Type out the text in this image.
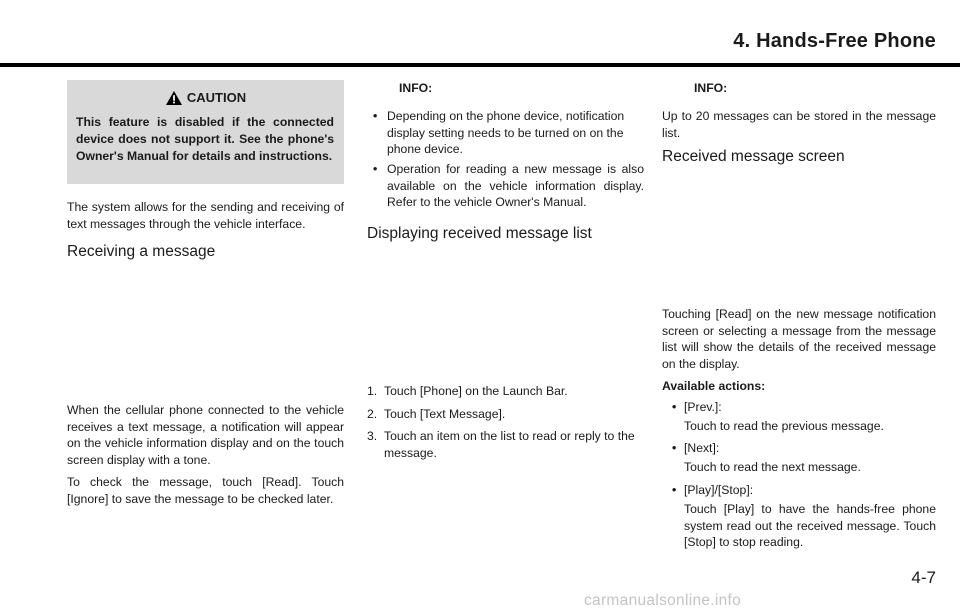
4. Hands-Free Phone
CAUTION
This feature is disabled if the connected device does not support it. See the phone's Owner's Manual for details and instructions.

The system allows for the sending and receiving of text messages through the vehicle interface.

Receiving a message

When the cellular phone connected to the vehicle receives a text message, a notification will appear on the vehicle information display and on the touch screen display with a tone.

To check the message, touch [Read]. Touch [Ignore] to save the message to be checked later.

INFO:
• Depending on the phone device, notification display setting needs to be turned on on the phone device.
• Operation for reading a new message is also available on the vehicle information display. Refer to the vehicle Owner's Manual.
Displaying received message list
1. Touch [Phone] on the Launch Bar.
2. Touch [Text Message].
3. Touch an item on the list to read or reply to the message.
INFO:

Up to 20 messages can be stored in the message list.

Received message screen

Touching [Read] on the new message notification screen or selecting a message from the message list will show the details of the received message on the display.

Available actions:

• [Prev.]:
Touch to read the previous message.
• [Next]:
Touch to read the next message.
• [Play]/[Stop]:
Touch [Play] to have the hands-free phone system read out the received message. Touch [Stop] to stop reading.
4-7
carmanualsonline.info
